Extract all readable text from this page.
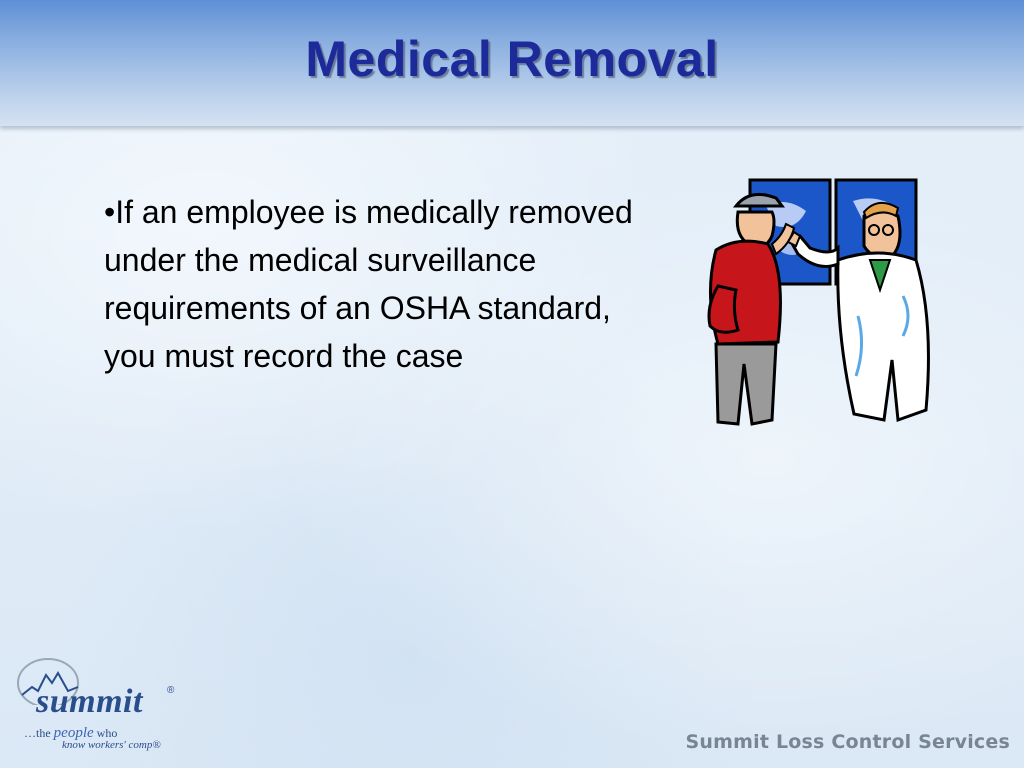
Medical Removal
•If an employee is medically removed under the medical surveillance requirements of an OSHA standard, you must record the case
summit ®
…the people who
know workers' comp®	Summit Loss Control Services
